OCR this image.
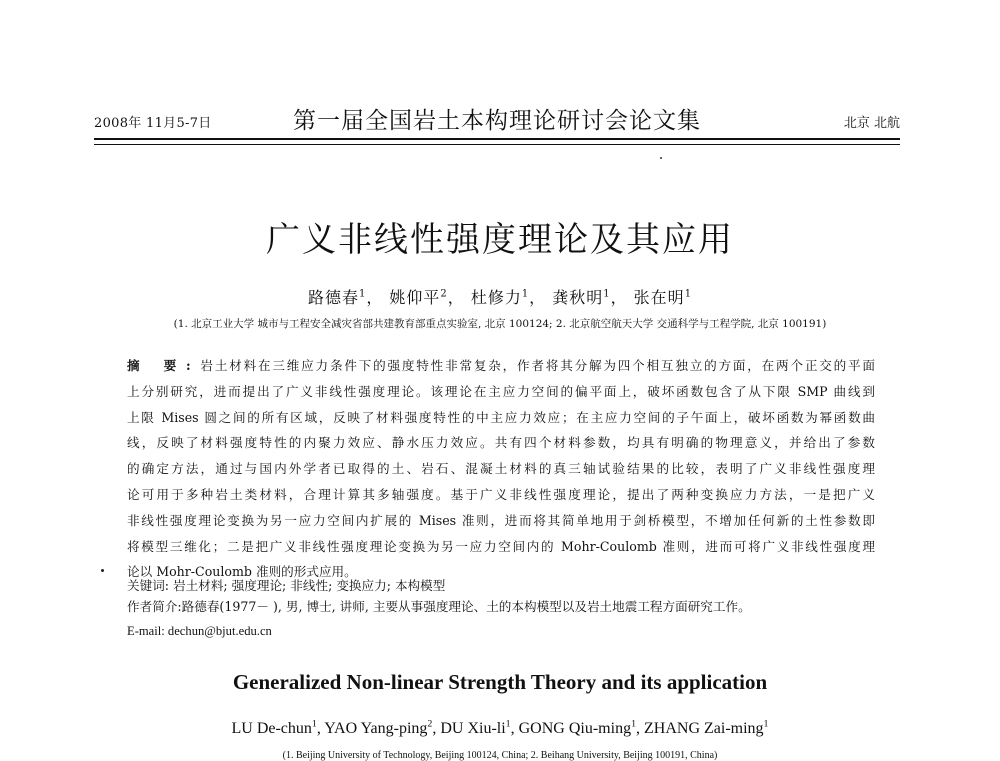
2008年 11月5-7日	第一届全国岩土本构理论研讨会论文集	北京 北航
广义非线性强度理论及其应用
路德春$^1$， 姚仰平$^2$， 杜修力$^1$， 龚秋明$^1$， 张在明$^1$
(1. 北京工业大学 城市与工程安全减灾省部共建教育部重点实验室, 北京 100124; 2. 北京航空航天大学 交通科学与工程学院, 北京 100191)
摘 要:岩土材料在三维应力条件下的强度特性非常复杂，作者将其分解为四个相互独立的方面，在两个正交的平面
上分别研究，进而提出了广义非线性强度理论。该理论在主应力空间的偏平面上，破坏函数包含了从下限 SMP 曲线到
上限 Mises 圆之间的所有区域，反映了材料强度特性的中主应力效应；在主应力空间的子午面上，破坏函数为幂函数曲
线，反映了材料强度特性的内聚力效应、静水压力效应。共有四个材料参数，均具有明确的物理意义，并给出了参数
的确定方法，通过与国内外学者已取得的土、岩石、混凝土材料的真三轴试验结果的比较，表明了广义非线性强度理
论可用于多种岩土类材料，合理计算其多轴强度。基于广义非线性强度理论，提出了两种变换应力方法，一是把广义
非线性强度理论变换为另一应力空间内扩展的 Mises 准则，进而将其简单地用于剑桥模型，不增加任何新的土性参数即
将模型三维化；二是把广义非线性强度理论变换为另一应力空间内的 Mohr-Coulomb 准则，进而可将广义非线性强度理
论以 Mohr-Coulomb 准则的形式应用。
关键词: 岩土材料; 强度理论; 非线性; 变换应力; 本构模型
作者简介:路德春(1977－ ), 男, 博士, 讲师, 主要从事强度理论、土的本构模型以及岩土地震工程方面研究工作。
E-mail: dechun@bjut.edu.cn
Generalized Non-linear Strength Theory and its application
LU De-chun$^1$, YAO Yang-ping$^2$, DU Xiu-$li^1$, GONG Qiu-ming$^1$, ZHANG Zai-ming$^1$
(1. Beijing University of Technology, Beijing 100124, China; 2. Beihang University, Beijing 100191, China)
